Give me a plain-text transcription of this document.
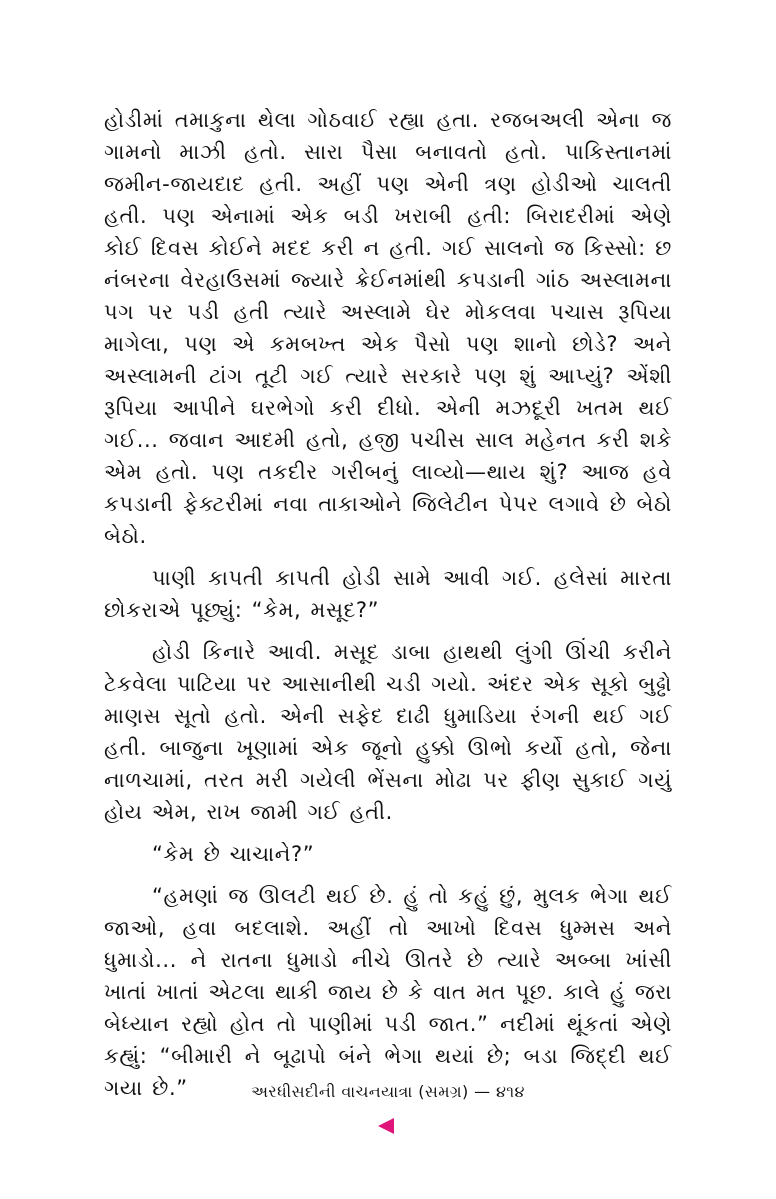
હોડીમાં તમાકુના થેલા ગોઠવાઈ રહ્યા હતા. રજબઅલી એના જ ગામનો માઝી હતો. સારા પૈસા બનાવતો હતો. પાકિસ્તાનમાં જમીન-જાયદાદ હતી. અહીં પણ એની ત્રણ હોડીઓ ચાલતી હતી. પણ એનામાં એક બડી ખરાબી હતી: બિરાદરીમાં એણે કોઈ દિવસ કોઈને મદદ કરી ન હતી. ગઈ સાલનો જ કિસ્સો: છ નંબરના વેરહાઉસમાં જ્યારે ક્રેઈનમાંથી કપડાની ગાંઠ અસ્લામના પગ પર પડી હતી ત્યારે અસ્લામે ઘેર મોકલવા પચાસ રૂપિયા માગેલા, પણ એ કમબખ્ત એક પૈસો પણ શાનો છોડે? અને અસ્લામની ટાંગ તૂટી ગઈ ત્યારે સરકારે પણ શું આપ્યું? એંશી રૂપિયા આપીને ઘરભેગો કરી દીધો. એની મઝદૂરી ખતમ થઈ ગઈ... જવાન આદમી હતો, હજી પચીસ સાલ મહેનત કરી શકે એમ હતો. પણ તકદીર ગરીબનું લાવ્યો—થાય શું? આજ હવે કપડાની ફેક્ટરીમાં નવા તાકાઓને જિલેટીન પેપર લગાવે છે બેઠો બેઠો.

પાણી કાપતી કાપતી હોડી સામે આવી ગઈ. હલેસાં મારતા છોકરાએ પૂછ્યું: “કેમ, મસૂદ?”

હોડી કિનારે આવી. મસૂદ ડાબા હાથથી લુંગી ઊંચી કરીને ટેકવેલા પાટિયા પર આસાનીથી ચડી ગયો. અંદર એક સૂકો બુઢ્ઢો માણસ સૂતો હતો. એની સફેદ દાઢી ધુમાડિયા રંગની થઈ ગઈ હતી. બાજુના ખૂણામાં એક જૂનો હુક્કો ઊભો કર્યો હતો, જેના નાળચામાં, તરત મરી ગયેલી ભેંસના મોઢા પર ફીણ સુકાઈ ગયું હોય એમ, રાખ જામી ગઈ હતી.

“કેમ છે ચાચાને?”

“હમણાં જ ઊલટી થઈ છે. હું તો કહું છું, મુલક ભેગા થઈ જાઓ, હવા બદલાશે. અહીં તો આખો દિવસ ધુમ્મસ અને ધુમાડો... ને રાતના ધુમાડો નીચે ઊતરે છે ત્યારે અબ્બા ખાંસી ખાતાં ખાતાં એટલા થાકી જાય છે કે વાત મત પૂછ. કાલે હું જરા બેધ્યાન રહ્યો હોત તો પાણીમાં પડી જાત.” નદીમાં થૂંકતાં એણે કહ્યું: “બીમારી ને બૂઢાપો બંને ભેગા થયાં છે; બડા જિદ્દી થઈ ગયા છે.”	અરધીસદીની વાચનયાત્રા (સમગ્ર) — ૪૧૪
